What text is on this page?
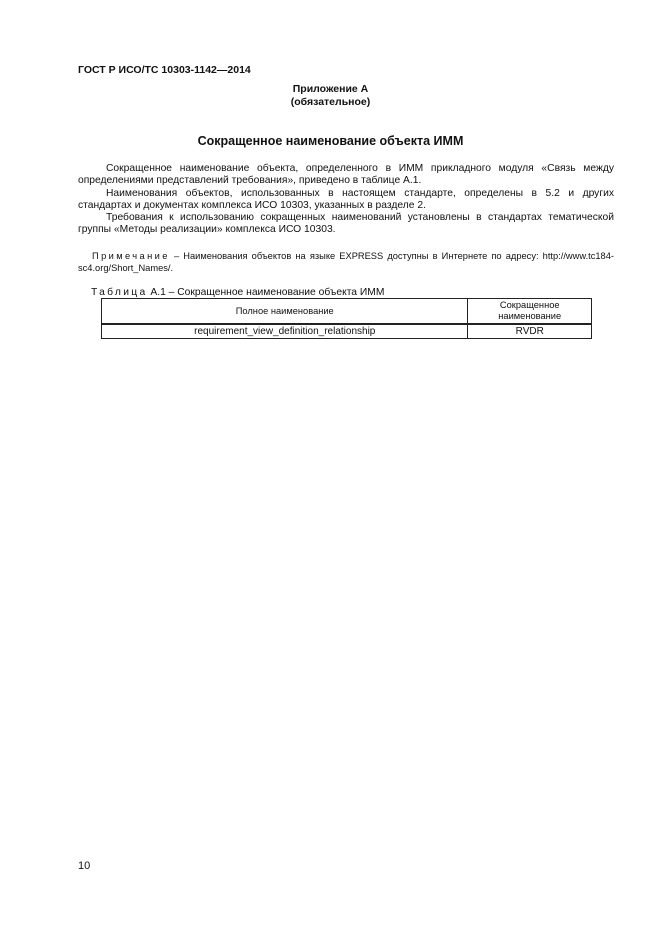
ГОСТ Р ИСО/ТС 10303-1142—2014
Приложение А
(обязательное)
Сокращенное наименование объекта ИММ
Сокращенное наименование объекта, определенного в ИММ прикладного модуля «Связь между определениями представлений требования», приведено в таблице А.1.
Наименования объектов, использованных в настоящем стандарте, определены в 5.2 и других стандартах и документах комплекса ИСО 10303, указанных в разделе 2.
Требования к использованию сокращенных наименований установлены в стандартах тематической группы «Методы реализации» комплекса ИСО 10303.
Примечание – Наименования объектов на языке EXPRESS доступны в Интернете по адресу: http://www.tc184-sc4.org/Short_Names/.
Таблица А.1 – Сокращенное наименование объекта ИММ
Полное наименование	Сокращенное наименование
requirement_view_definition_relationship	RVDR
10
